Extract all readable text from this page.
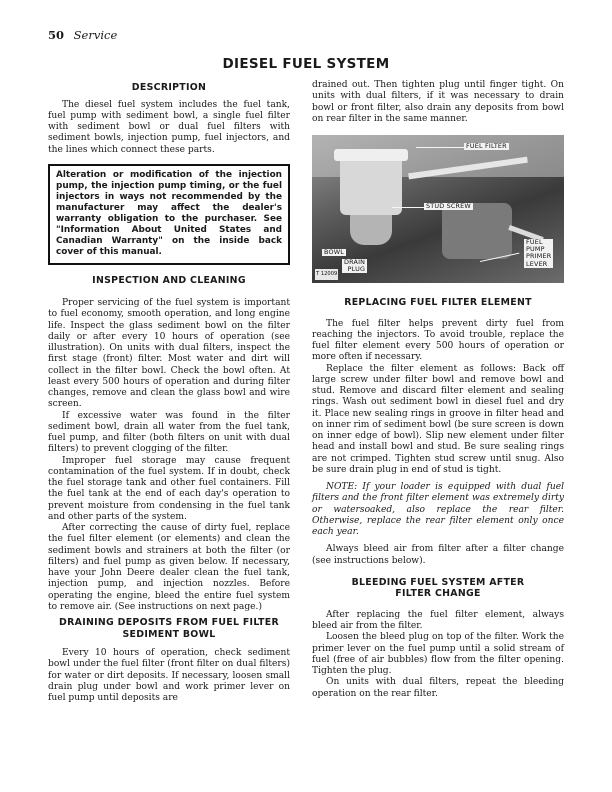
50 Service
DIESEL FUEL SYSTEM
DESCRIPTION

The diesel fuel system includes the fuel tank, fuel pump with sediment bowl, a single fuel filter with sediment bowl or dual fuel filters with sediment bowls, injection pump, fuel injectors, and the lines which connect these parts.

Alteration or modification of the injection pump, the injection pump timing, or the fuel injectors in ways not recommended by the manufacturer may affect the dealer's warranty obligation to the purchaser. See "Information About United States and Canadian Warranty" on the inside back cover of this manual.
INSPECTION AND CLEANING

Proper servicing of the fuel system is important to fuel economy, smooth operation, and long engine life. Inspect the glass sediment bowl on the filter daily or after every 10 hours of operation (see illustration). On units with dual filters, inspect the first stage (front) filter. Most water and dirt will collect in the filter bowl. Check the bowl often. At least every 500 hours of operation and during filter changes, remove and clean the glass bowl and wire screen.

If excessive water was found in the filter sediment bowl, drain all water from the fuel tank, fuel pump, and filter (both filters on unit with dual filters) to prevent clogging of the filter.

Improper fuel storage may cause frequent contamination of the fuel system. If in doubt, check the fuel storage tank and other fuel containers. Fill the fuel tank at the end of each day's operation to prevent moisture from condensing in the fuel tank and other parts of the system.

After correcting the cause of dirty fuel, replace the fuel filter element (or elements) and clean the sediment bowls and strainers at both the filter (or filters) and fuel pump as given below. If necessary, have your John Deere dealer clean the fuel tank, injection pump, and injection nozzles. Before operating the engine, bleed the entire fuel system to remove air. (See instructions on next page.)

DRAINING DEPOSITS FROM FUEL FILTER
SEDIMENT BOWL

Every 10 hours of operation, check sediment bowl under the fuel filter (front filter on dual filters) for water or dirt deposits. If necessary, loosen small drain plug under bowl and work primer lever on fuel pump until deposits are

drained out. Then tighten plug until finger tight. On units with dual filters, if it was necessary to drain bowl or front filter, also drain any deposits from bowl on rear filter in the same manner.

FUEL FILTER
STUD SCREW
BOWL
DRAIN
PLUG
FUEL
PUMP
PRIMER
LEVER
T 12009
REPLACING FUEL FILTER ELEMENT

The fuel filter helps prevent dirty fuel from reaching the injectors. To avoid trouble, replace the fuel filter element every 500 hours of operation or more often if necessary.

Replace the filter element as follows: Back off large screw under filter bowl and remove bowl and stud. Remove and discard filter element and sealing rings. Wash out sediment bowl in diesel fuel and dry it. Place new sealing rings in groove in filter head and on inner rim of sediment bowl (be sure screen is down on inner edge of bowl). Slip new element under filter head and install bowl and stud. Be sure sealing rings are not crimped. Tighten stud screw until snug. Also be sure drain plug in end of stud is tight.

NOTE: If your loader is equipped with dual fuel filters and the front filter element was extremely dirty or watersoaked, also replace the rear filter. Otherwise, replace the rear filter element only once each year.

Always bleed air from filter after a filter change (see instructions below).

BLEEDING FUEL SYSTEM AFTER
FILTER CHANGE

After replacing the fuel filter element, always bleed air from the filter.

Loosen the bleed plug on top of the filter. Work the primer lever on the fuel pump until a solid stream of fuel (free of air bubbles) flow from the filter opening. Tighten the plug.

On units with dual filters, repeat the bleeding operation on the rear filter.
